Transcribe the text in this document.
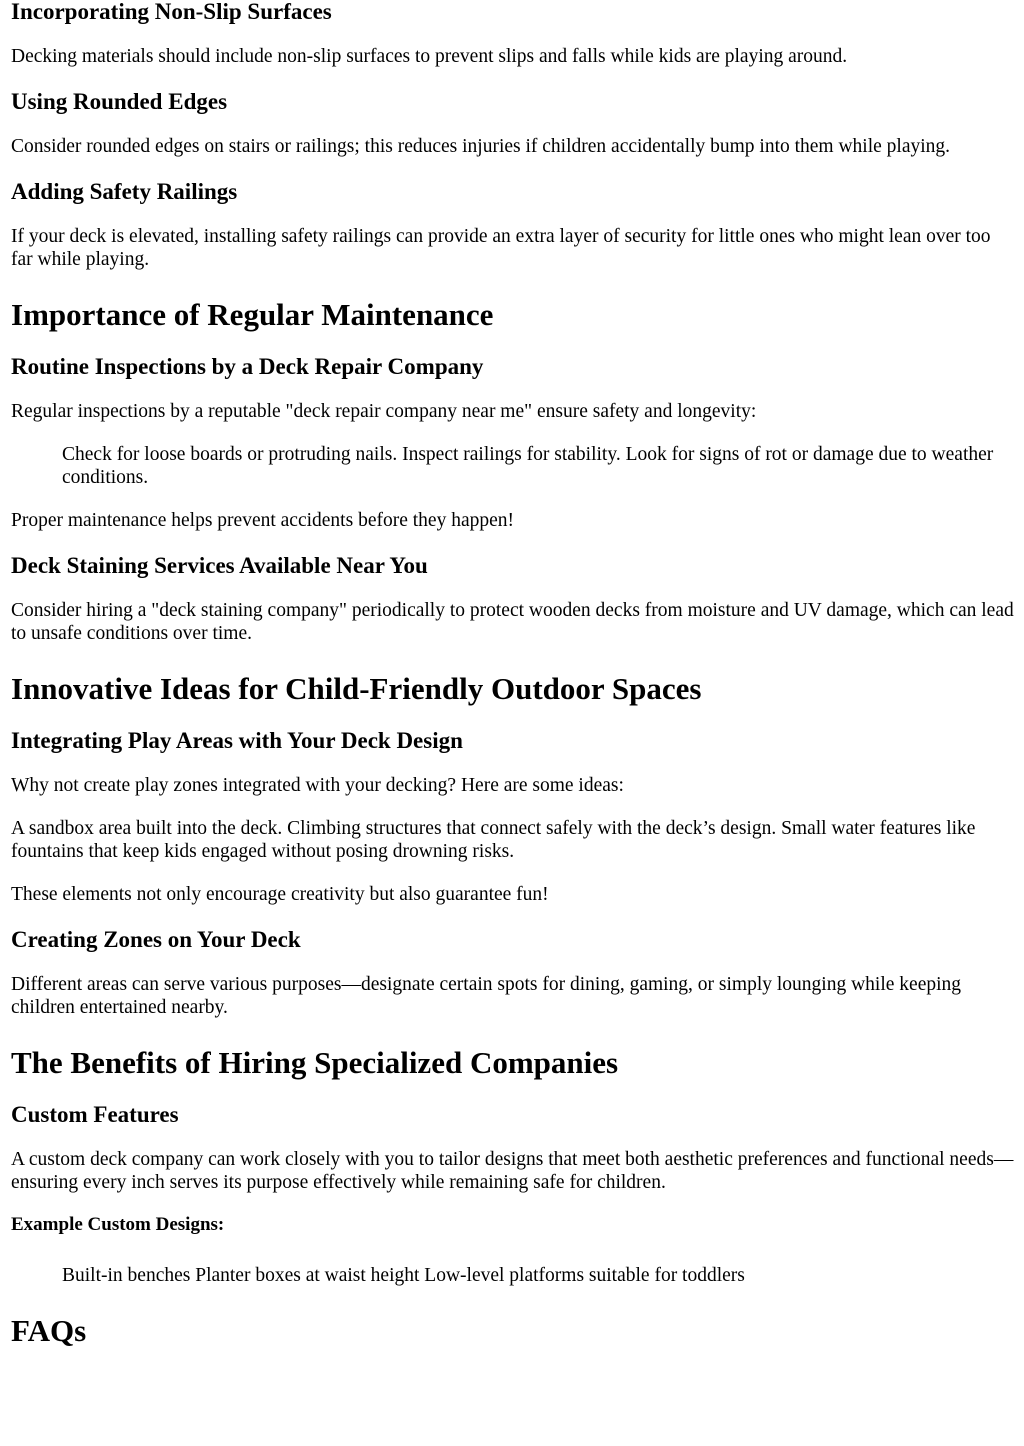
Incorporating Non-Slip Surfaces

Decking materials should include non-slip surfaces to prevent slips and falls while kids are playing around.

Using Rounded Edges

Consider rounded edges on stairs or railings; this reduces injuries if children accidentally bump into them while playing.

Adding Safety Railings

If your deck is elevated, installing safety railings can provide an extra layer of security for little ones who might lean over too far while playing.

Importance of Regular Maintenance
Routine Inspections by a Deck Repair Company

Regular inspections by a reputable "deck repair company near me" ensure safety and longevity:

Check for loose boards or protruding nails. Inspect railings for stability. Look for signs of rot or damage due to weather conditions.

Proper maintenance helps prevent accidents before they happen!

Deck Staining Services Available Near You

Consider hiring a "deck staining company" periodically to protect wooden decks from moisture and UV damage, which can lead to unsafe conditions over time.

Innovative Ideas for Child-Friendly Outdoor Spaces
Integrating Play Areas with Your Deck Design

Why not create play zones integrated with your decking? Here are some ideas:

A sandbox area built into the deck. Climbing structures that connect safely with the deck’s design. Small water features like fountains that keep kids engaged without posing drowning risks.

These elements not only encourage creativity but also guarantee fun!

Creating Zones on Your Deck

Different areas can serve various purposes—designate certain spots for dining, gaming, or simply lounging while keeping children entertained nearby.

The Benefits of Hiring Specialized Companies
Custom Features

A custom deck company can work closely with you to tailor designs that meet both aesthetic preferences and functional needs—ensuring every inch serves its purpose effectively while remaining safe for children.

Example Custom Designs:
Built-in benches Planter boxes at waist height Low-level platforms suitable for toddlers
FAQs
